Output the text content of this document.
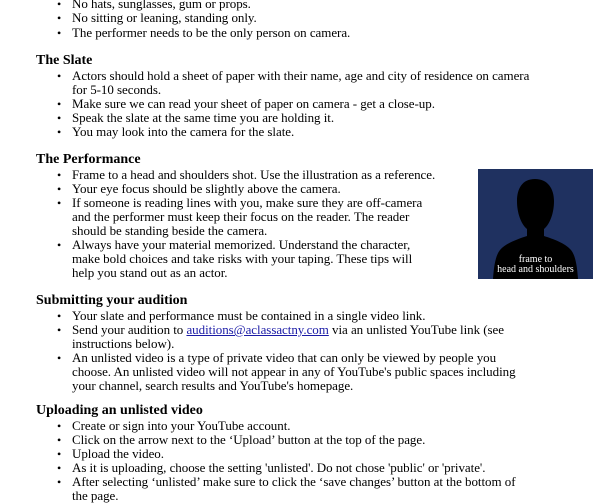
• No hats, sunglasses, gum or props.
• No sitting or leaning, standing only.
• The performer needs to be the only person on camera.
The Slate
• Actors should hold a sheet of paper with their name, age and city of residence on camera
for 5-10 seconds.
• Make sure we can read your sheet of paper on camera - get a close-up.
• Speak the slate at the same time you are holding it.
• You may look into the camera for the slate.
The Performance
• Frame to a head and shoulders shot. Use the illustration as a reference.
• Your eye focus should be slightly above the camera.
• If someone is reading lines with you, make sure they are off-camera
and the performer must keep their focus on the reader. The reader
should be standing beside the camera.
• Always have your material memorized. Understand the character,
make bold choices and take risks with your taping. These tips will
help you stand out as an actor.
Submitting your audition
• Your slate and performance must be contained in a single video link.
• Send your audition to auditions@aclassactny.com via an unlisted YouTube link (see
instructions below).
• An unlisted video is a type of private video that can only be viewed by people you
choose. An unlisted video will not appear in any of YouTube's public spaces including
your channel, search results and YouTube's homepage.
Uploading an unlisted video
• Create or sign into your YouTube account.
• Click on the arrow next to the ‘Upload’ button at the top of the page.
• Upload the video.
• As it is uploading, choose the setting 'unlisted'. Do not chose 'public' or 'private'.
• After selecting ‘unlisted’ make sure to click the ‘save changes’ button at the bottom of
the page.
frame to
head and shoulders
